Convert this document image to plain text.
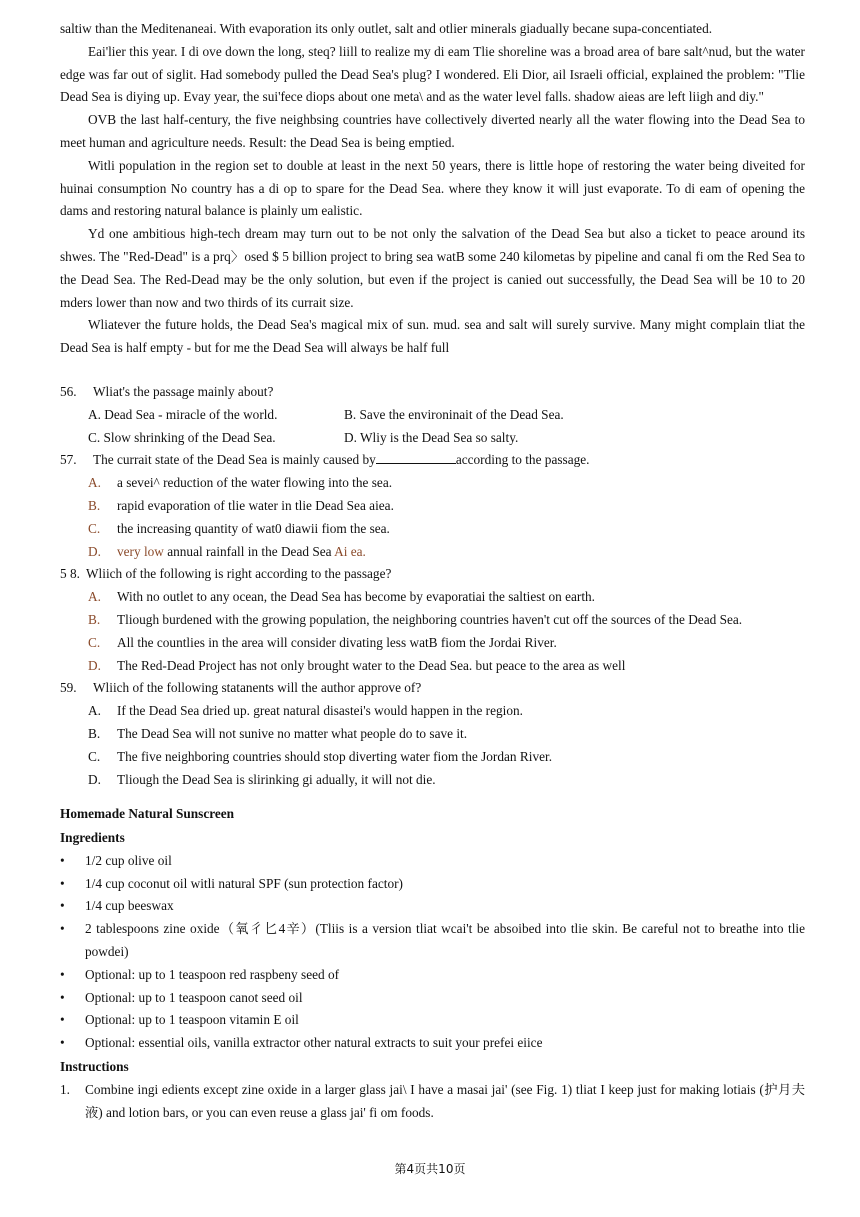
saltiw than the Meditenaneai. With evaporation its only outlet, salt and otlier minerals giadually becane supa-concentiated.

Eai'lier this year. I di ove down the long, steq? liill to realize my di eam Tlie shoreline was a broad area of bare salt^nud, but the water edge was far out of siglit. Had somebody pulled the Dead Sea's plug? I wondered. Eli Dior, ail Israeli official, explained the problem: "Tlie Dead Sea is diying up. Evay year, the sui'fece diops about one meta\ and as the water level falls. shadow aieas are left liigh and diy."

OVB the last half-century, the five neighbsing countries have collectively diverted nearly all the water flowing into the Dead Sea to meet human and agriculture needs. Result: the Dead Sea is being emptied.

Witli population in the region set to double at least in the next 50 years, there is little hope of restoring the water being diveited for huinai consumption No country has a di op to spare for the Dead Sea. where they know it will just evaporate. To di eam of opening the dams and restoring natural balance is plainly um ealistic.

Yd one ambitious high-tech dream may turn out to be not only the salvation of the Dead Sea but also a ticket to peace around its shwes. The "Red-Dead" is a prq〉osed $ 5 billion project to bring sea watB some 240 kilometas by pipeline and canal fi om the Red Sea to the Dead Sea. The Red-Dead may be the only solution, but even if the project is canied out successfully, the Dead Sea will be 10 to 20 mders lower than now and two thirds of its currait size.

Wliatever the future holds, the Dead Sea's magical mix of sun. mud. sea and salt will surely survive. Many might complain tliat the Dead Sea is half empty - but for me the Dead Sea will always be half full

56.	Wliat's the passage mainly about?
A. Dead Sea - miracle of the world.	B. Save the environinait of the Dead Sea.
C. Slow shrinking of the Dead Sea.	D. Wliy is the Dead Sea so salty.
57.	The currait state of the Dead Sea is mainly caused by	according to the passage.
A.	a sevei^ reduction of the water flowing into the sea.
B.	rapid evaporation of tlie water in tlie Dead Sea aiea.
C.	the increasing quantity of wat0 diawii fiom the sea.
D.	very low annual rainfall in the Dead Sea Ai ea.
5 8. Wliich of the following is right according to the passage?
A.	With no outlet to any ocean, the Dead Sea has become by evaporatiai the saltiest on earth.
B.	Tliough burdened with the growing population, the neighboring countries haven't cut off the sources of the Dead Sea.
C.	All the countlies in the area will consider divating less watB fiom the Jordai River.
D.	The Red-Dead Project has not only brought water to the Dead Sea. but peace to the area as well
59.	Wliich of the following statanents will the author approve of?
A.	If the Dead Sea dried up. great natural disastei's would happen in the region.
B.	The Dead Sea will not sunive no matter what people do to save it.
C.	The five neighboring countries should stop diverting water fiom the Jordan River.
D.	Tliough the Dead Sea is slirinking gi adually, it will not die.
Homemade Natural Sunscreen
Ingredients
•	1/2 cup olive oil
•	1/4 cup coconut oil witli natural SPF (sun protection factor)
•	1/4 cup beeswax
•	2 tablespoons zine oxide（氧彳匕4辛）(Tliis is a version tliat wcai't be absoibed into tlie skin. Be careful not to breathe into tlie powdei)
•	Optional: up to 1 teaspoon red raspbeny seed of
•	Optional: up to 1 teaspoon canot seed oil
•	Optional: up to 1 teaspoon vitamin E oil
•	Optional: essential oils, vanilla extractor other natural extracts to suit your prefei eiice
Instructions
1.	Combine ingi edients except zine oxide in a larger glass jai\ I have a masai jai' (see Fig. 1) tliat I keep just for making lotiais (护月夫液) and lotion bars, or you can even reuse a glass jai' fi om foods.
第4页共10页
